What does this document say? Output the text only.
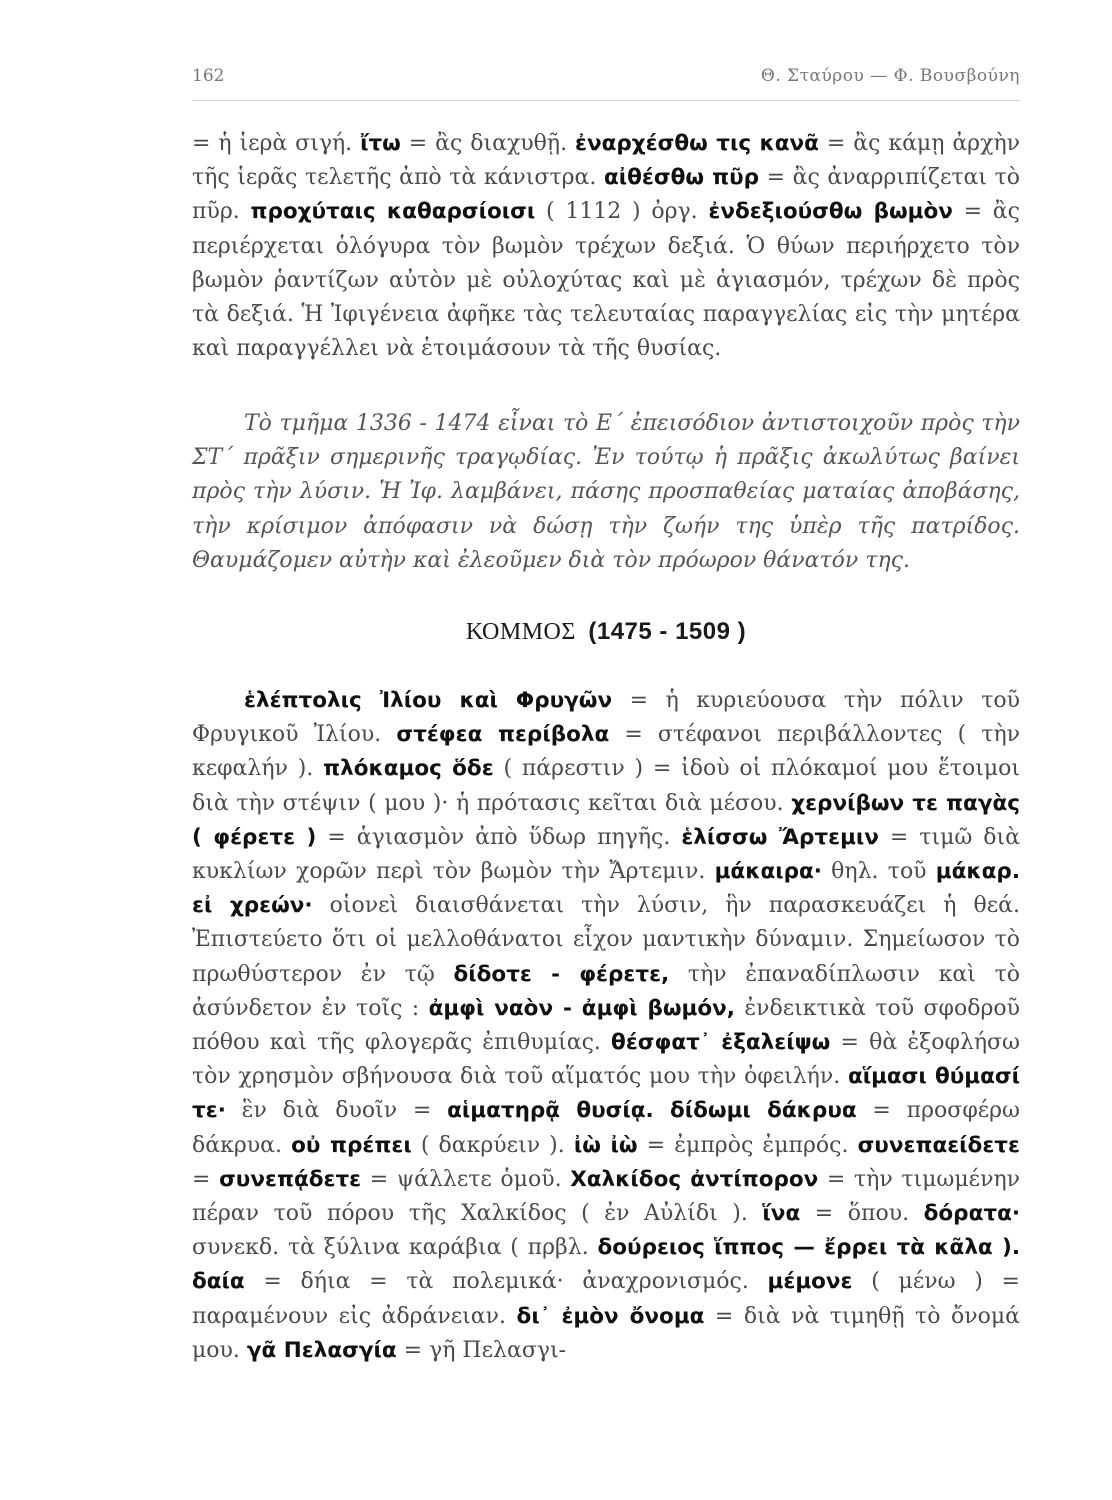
162	Θ. Σταύρου — Φ. Βουσβούνη

= ἡ ἱερὰ σιγή. ἴτω = ἂς διαχυθῇ. ἐναρχέσθω τις κανᾶ = ἂς κάμῃ ἀρχὴν τῆς ἱερᾶς τελετῆς ἀπὸ τὰ κάνιστρα. αἰθέσθω πῦρ = ἂς ἀναρριπίζεται τὸ πῦρ. προχύταις καθαρσίοισι ( 1112 ) ὀργ. ἐνδεξιούσθω βωμὸν = ἂς περιέρχεται ὁλόγυρα τὸν βωμὸν τρέχων δεξιά. Ὁ θύων περιήρχετο τὸν βωμὸν ῥαντίζων αὐτὸν μὲ οὐλοχύτας καὶ μὲ ἁγιασμόν, τρέχων δὲ πρὸς τὰ δεξιά. Ἡ Ἰφιγένεια ἀφῆκε τὰς τελευταίας παραγγελίας εἰς τὴν μητέρα καὶ παραγγέλλει νὰ ἑτοιμάσουν τὰ τῆς θυσίας.

Τὸ τμῆμα 1336 - 1474 εἶναι τὸ Ε΄ ἐπεισόδιον ἀντιστοιχοῦν πρὸς τὴν ΣΤ΄ πρᾶξιν σημερινῆς τραγῳδίας. Ἐν τούτῳ ἡ πρᾶξις ἀκωλύτως βαίνει πρὸς τὴν λύσιν. Ἡ Ἰφ. λαμβάνει, πάσης προσπαθείας ματαίας ἀποβάσης, τὴν κρίσιμον ἀπόφασιν νὰ δώσῃ τὴν ζωήν της ὑπὲρ τῆς πατρίδος. Θαυμάζομεν αὐτὴν καὶ ἐλεοῦμεν διὰ τὸν πρόωρον θάνατόν της.

ΚΟΜΜΟΣ (1475 - 1509 )

ἑλέπτολις Ἰλίου καὶ Φρυγῶν = ἡ κυριεύουσα τὴν πόλιν τοῦ Φρυγικοῦ Ἰλίου. στέφεα περίβολα = στέφανοι περιβάλλοντες ( τὴν κεφαλήν ). πλόκαμος ὅδε ( πάρεστιν ) = ἰδοὺ οἱ πλόκαμοί μου ἕτοιμοι διὰ τὴν στέψιν ( μου )· ἡ πρότασις κεῖται διὰ μέσου. χερνίβων τε παγὰς ( φέρετε ) = ἁγιασμὸν ἀπὸ ὕδωρ πηγῆς. ἑλίσσω Ἄρτεμιν = τιμῶ διὰ κυκλίων χορῶν περὶ τὸν βωμὸν τὴν Ἄρτεμιν. μάκαιρα· θηλ. τοῦ μάκαρ. εἰ χρεών· οἱονεὶ διαισθάνεται τὴν λύσιν, ἣν παρασκευάζει ἡ θεά. Ἐπιστεύετο ὅτι οἱ μελλοθάνατοι εἶχον μαντικὴν δύναμιν. Σημείωσον τὸ πρωθύστερον ἐν τῷ δίδοτε - φέρετε, τὴν ἐπαναδίπλωσιν καὶ τὸ ἀσύνδετον ἐν τοῖς : ἀμφὶ ναὸν - ἀμφὶ βωμόν, ἐνδεικτικὰ τοῦ σφοδροῦ πόθου καὶ τῆς φλογερᾶς ἐπιθυμίας. θέσφατ᾽ ἐξαλείψω = θὰ ἐξοφλήσω τὸν χρησμὸν σβήνουσα διὰ τοῦ αἵματός μου τὴν ὀφειλήν. αἵμασι θύμασί τε· ἓν διὰ δυοῖν = αἱματηρᾷ θυσίᾳ. δίδωμι δάκρυα = προσφέρω δάκρυα. οὐ πρέπει ( δακρύειν ). ἰὼ ἰὼ = ἐμπρὸς ἐμπρός. συνεπαείδετε = συνεπᾴδετε = ψάλλετε ὁμοῦ. Χαλκίδος ἀντίπορον = τὴν τιμωμένην πέραν τοῦ πόρου τῆς Χαλκίδος ( ἐν Αὐλίδι ). ἵνα = ὅπου. δόρατα· συνεκδ. τὰ ξύλινα καράβια ( πρβλ. δούρειος ἵππος — ἔρρει τὰ κᾶλα ). δαία = δήια = τὰ πολεμικά· ἀναχρονισμός. μέμονε ( μένω ) = παραμένουν εἰς ἀδράνειαν. δι᾽ ἐμὸν ὄνομα = διὰ νὰ τιμηθῇ τὸ ὄνομά μου. γᾶ Πελασγία = γῆ Πελασγι-
